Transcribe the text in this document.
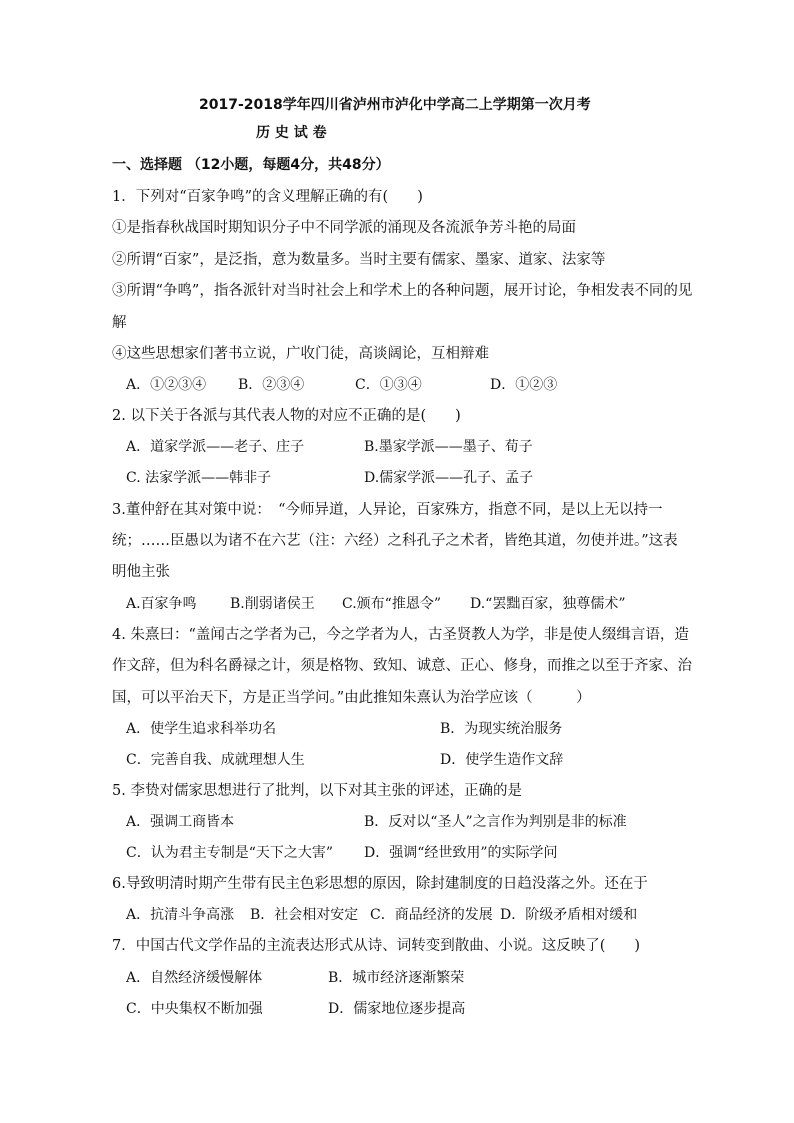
2017-2018学年四川省泸州市泸化中学高二上学期第一次月考
历 史 试 卷
一、选择题 （12小题，每题4分，共48分）
1．下列对“百家争鸣”的含义理解正确的有(　　)
①是指春秋战国时期知识分子中不同学派的涌现及各流派争芳斗艳的局面
②所谓“百家”，是泛指，意为数量多。当时主要有儒家、墨家、道家、法家等
③所谓“争鸣”，指各派针对当时社会上和学术上的各种问题，展开讨论，争相发表不同的见
解
④这些思想家们著书立说，广收门徒，高谈阔论，互相辩难
A．①②③④ B．②③④	C．①③④	D．①②③
2. 以下关于各派与其代表人物的对应不正确的是(　　)
A．道家学派——老子、庄子	B.墨家学派——墨子、荀子
C. 法家学派——韩非子	D.儒家学派——孔子、孟子
3.董仲舒在其对策中说：　“今师异道，人异论，百家殊方，指意不同，是以上无以持一
统；……臣愚以为诸不在六艺（注：六经）之科孔子之术者，皆绝其道，勿使并进。”这表
明他主张
A.百家争鸣 B.削弱诸侯王 C.颁布“推恩令” D.“罢黜百家，独尊儒术”
4. 朱熹曰：“盖闻古之学者为己，今之学者为人，古圣贤教人为学，非是使人缀缉言语，造
作文辞，但为科名爵禄之计，须是格物、致知、诚意、正心、修身，而推之以至于齐家、治
国，可以平治天下，方是正当学问。”由此推知朱熹认为治学应该（　　　）
A．使学生追求科举功名	B．为现实统治服务
C．完善自我、成就理想人生	D．使学生造作文辞
5. 李贽对儒家思想进行了批判，以下对其主张的评述，正确的是
A．强调工商皆本	B．反对以“圣人”之言作为判别是非的标准
C．认为君主专制是“天下之大害” D．强调“经世致用”的实际学问
6.导致明清时期产生带有民主色彩思想的原因，除封建制度的日趋没落之外。还在于
A．抗清斗争高涨 B．社会相对安定 C．商品经济的发展 D．阶级矛盾相对缓和
7．中国古代文学作品的主流表达形式从诗、词转变到散曲、小说。这反映了(　　)
A．自然经济缓慢解体	B．城市经济逐渐繁荣
C．中央集权不断加强	D．儒家地位逐步提高
